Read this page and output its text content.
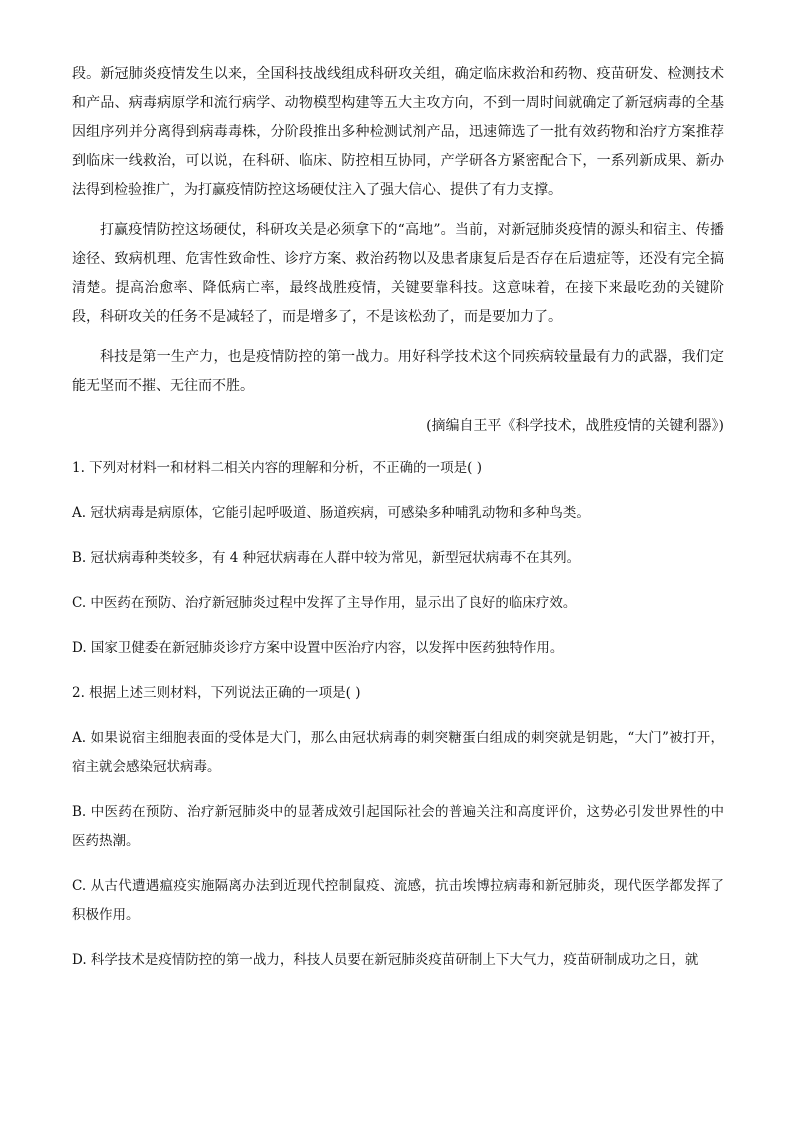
段。新冠肺炎疫情发生以来，全国科技战线组成科研攻关组，确定临床救治和药物、疫苗研发、检测技术和产品、病毒病原学和流行病学、动物模型构建等五大主攻方向，不到一周时间就确定了新冠病毒的全基因组序列并分离得到病毒毒株，分阶段推出多种检测试剂产品，迅速筛选了一批有效药物和治疗方案推荐到临床一线救治，可以说，在科研、临床、防控相互协同，产学研各方紧密配合下，一系列新成果、新办法得到检验推广，为打赢疫情防控这场硬仗注入了强大信心、提供了有力支撑。

打赢疫情防控这场硬仗，科研攻关是必须拿下的“高地”。当前，对新冠肺炎疫情的源头和宿主、传播途径、致病机理、危害性致命性、诊疗方案、救治药物以及患者康复后是否存在后遗症等，还没有完全搞清楚。提高治愈率、降低病亡率，最终战胜疫情，关键要靠科技。这意味着，在接下来最吃劲的关键阶段，科研攻关的任务不是减轻了，而是增多了，不是该松劲了，而是要加力了。

科技是第一生产力，也是疫情防控的第一战力。用好科学技术这个同疾病较量最有力的武器，我们定能无坚而不摧、无往而不胜。

(摘编自王平《科学技术，战胜疫情的关键利器》)

1. 下列对材料一和材料二相关内容的理解和分析，不正确的一项是( )

A. 冠状病毒是病原体，它能引起呼吸道、肠道疾病，可感染多种哺乳动物和多种鸟类。

B. 冠状病毒种类较多，有 4 种冠状病毒在人群中较为常见，新型冠状病毒不在其列。

C. 中医药在预防、治疗新冠肺炎过程中发挥了主导作用，显示出了良好的临床疗效。

D. 国家卫健委在新冠肺炎诊疗方案中设置中医治疗内容，以发挥中医药独特作用。

2. 根据上述三则材料，下列说法正确的一项是( )

A. 如果说宿主细胞表面的受体是大门，那么由冠状病毒的刺突糖蛋白组成的刺突就是钥匙，“大门”被打开，宿主就会感染冠状病毒。

B. 中医药在预防、治疗新冠肺炎中的显著成效引起国际社会的普遍关注和高度评价，这势必引发世界性的中医药热潮。

C. 从古代遭遇瘟疫实施隔离办法到近现代控制鼠疫、流感，抗击埃博拉病毒和新冠肺炎，现代医学都发挥了积极作用。

D. 科学技术是疫情防控的第一战力，科技人员要在新冠肺炎疫苗研制上下大气力，疫苗研制成功之日，就
